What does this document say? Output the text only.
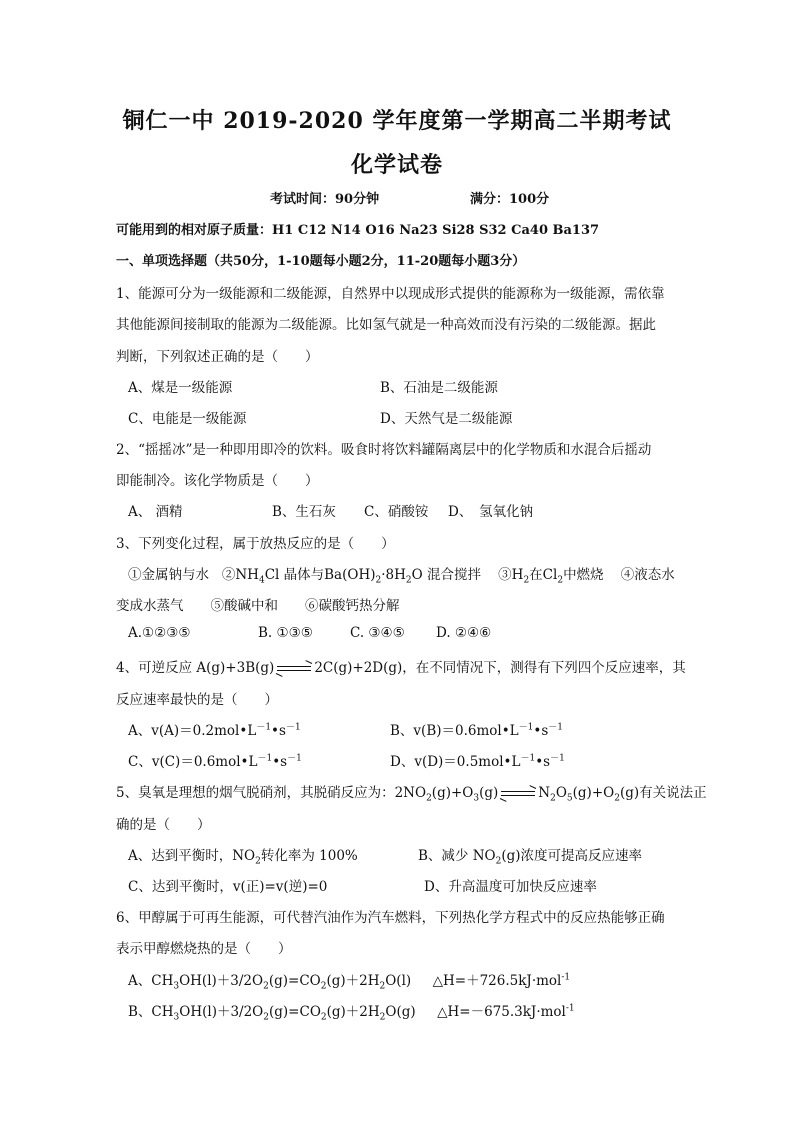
铜仁一中 2019-2020 学年度第一学期高二半期考试
化学试卷
考试时间：90分钟	满分：100分
可能用到的相对原子质量：H1 C12 N14 O16 Na23 Si28 S32 Ca40 Ba137
一、单项选择题（共50分，1-10题每小题2分，11-20题每小题3分）
1、能源可分为一级能源和二级能源，自然界中以现成形式提供的能源称为一级能源，需依靠
其他能源间接制取的能源为二级能源。比如氢气就是一种高效而没有污染的二级能源。据此
判断，下列叙述正确的是（　　）
A、煤是一级能源	B、石油是二级能源
C、电能是一级能源	D、天然气是二级能源
2、“摇摇冰”是一种即用即冷的饮料。吸食时将饮料罐隔离层中的化学物质和水混合后摇动
即能制冷。该化学物质是（　　）
A、 酒精	B、生石灰 C、硝酸铵 D、　氢氧化钠
3、下列变化过程，属于放热反应的是（　　）
①金属钠与水 $②NH_4Cl$ 晶体与$Ba(OH)_2\cdot 8H_2O$ 混合搅拌 $③H_2$在$Cl_2$中燃烧 ④液态水
变成水蒸气　　⑤酸碱中和　　⑥碳酸钙热分解
A.①②③⑤	B. ①③⑤	C. ③④⑤ D. ②④⑥
4、可逆反应 A(g)+3B(g)	2C(g)+2D(g)，在不同情况下，测得有下列四个反应速率，其
反应速率最快的是（　　）
A、$v(A)=0.2mol•L^{-1}•s^{-1}$	B、$v(B)=0.6mol•L^{-1}•s^{-1}$
C、$v(C)=0.6mol•L^{-1}•s^{-1}$	D、$v(D)=0.5mol•L^{-1}•s^{-1}$
5、臭氧是理想的烟气脱硝剂，其脱硝反应为：$2NO_2(g)+O_3(g)$	$N_2O_5(g)+O_2(g)$有关说法正
确的是（　　）
A、达到平衡时，$NO_2$转化率为 100%	B、减少 $NO_2(g)$浓度可提高反应速率
C、达到平衡时，v(正)=v(逆)=0	D、升高温度可加快反应速率
6、甲醇属于可再生能源，可代替汽油作为汽车燃料，下列热化学方程式中的反应热能够正确
表示甲醇燃烧热的是（　　）
A、$CH_3OH(l)+3/2O_2(g)=CO_2(g)+2H_2O(l)$ △H=＋726.5kJ·mol$^{-1}$
B、$CH_3OH(l)+3/2O_2(g)=CO_2(g)+2H_2O(g)$ △H=－675.3kJ·mol$^{-1}$
